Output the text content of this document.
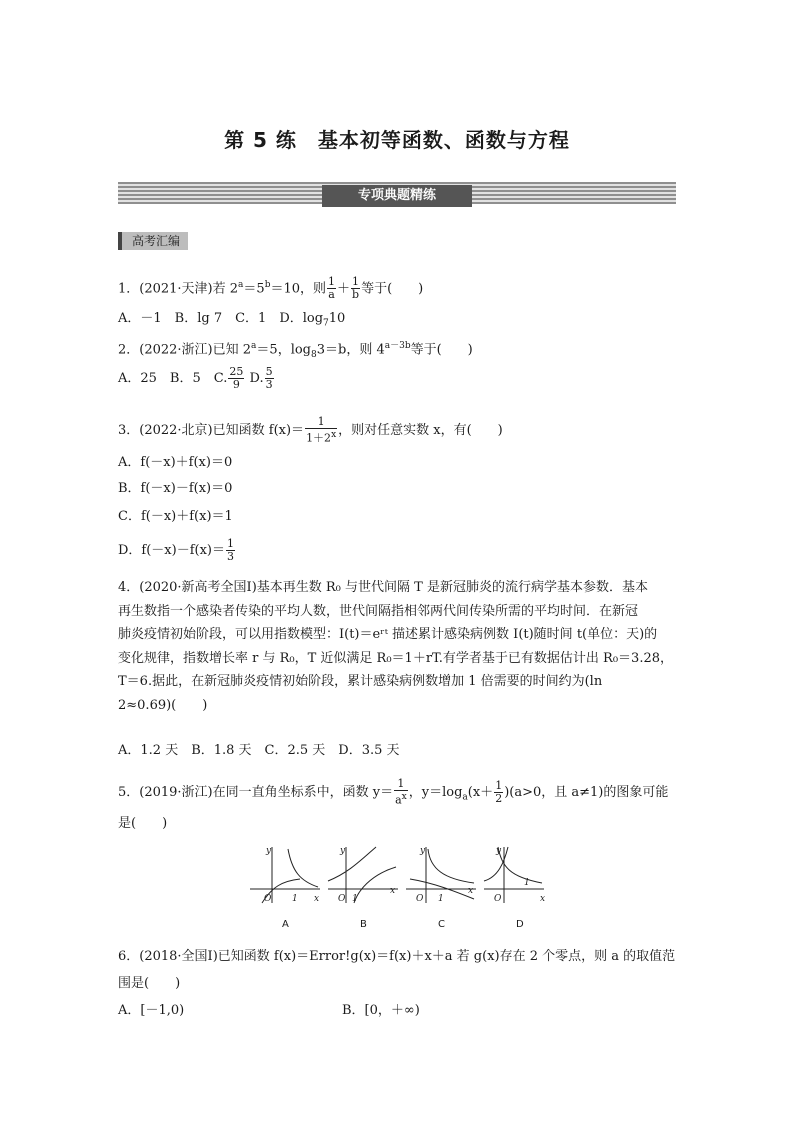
第 5 练　基本初等函数、函数与方程
专项典题精练
高考汇编
1．(2021·天津)若 $2^a=5^b=10$，则 $\frac{1}{a} + \frac{1}{b}$ 等于(　　)
A．－1　B．lg 7　C．1　D．$\log_710$
2．(2022·浙江)已知 $2^a=5$，$\log_83=b$，则 $4^{a-3b}$等于(　　)
A．25　B．5　C. $\frac{25}{9} D$. $\frac{5}{3}$
3．(2022·北京)已知函数 $f(x)= \frac{1}{1+2^x}$ ，则对任意实数 x，有(　　)
A．f(－x)＋f(x)＝0
B．f(－x)－f(x)＝0
C．f(－x)＋f(x)＝1
D．$f(-x)-f(x)= \frac{1}{3}$
4．(2020·新高考全国Ⅰ)基本再生数 R₀ 与世代间隔 T 是新冠肺炎的流行病学基本参数．基本
再生数指一个感染者传染的平均人数，世代间隔指相邻两代间传染所需的平均时间．在新冠
肺炎疫情初始阶段，可以用指数模型：I(t)＝eʳᵗ 描述累计感染病例数 I(t)随时间 t(单位：天)的
变化规律，指数增长率 r 与 R₀，T 近似满足 R₀＝1＋rT.有学者基于已有数据估计出 R₀＝3.28，
T＝6.据此，在新冠肺炎疫情初始阶段，累计感染病例数增加 1 倍需要的时间约为(ln
2≈0.69)(　　)
A．1.2 天　B．1.8 天　C．2.5 天　D．3.5 天
5．(2019·浙江)在同一直角坐标系中，函数 $y= \frac{1}{a^x}$ ，$y=\log_a(x+ \frac{1}{2} )(a>0$，且 a≠1)的图象可能
是(　　)
y
O 1 x
y
O 1
x
y
O 1
x
y
O
1
x
A	B	C	D
6．(2018·全国Ⅰ)已知函数 f(x)＝Error!g(x)＝f(x)＋x＋a 若 g(x)存在 2 个零点，则 a 的取值范
围是(　　)
A．[－1,0)	B．[0，＋∞)
